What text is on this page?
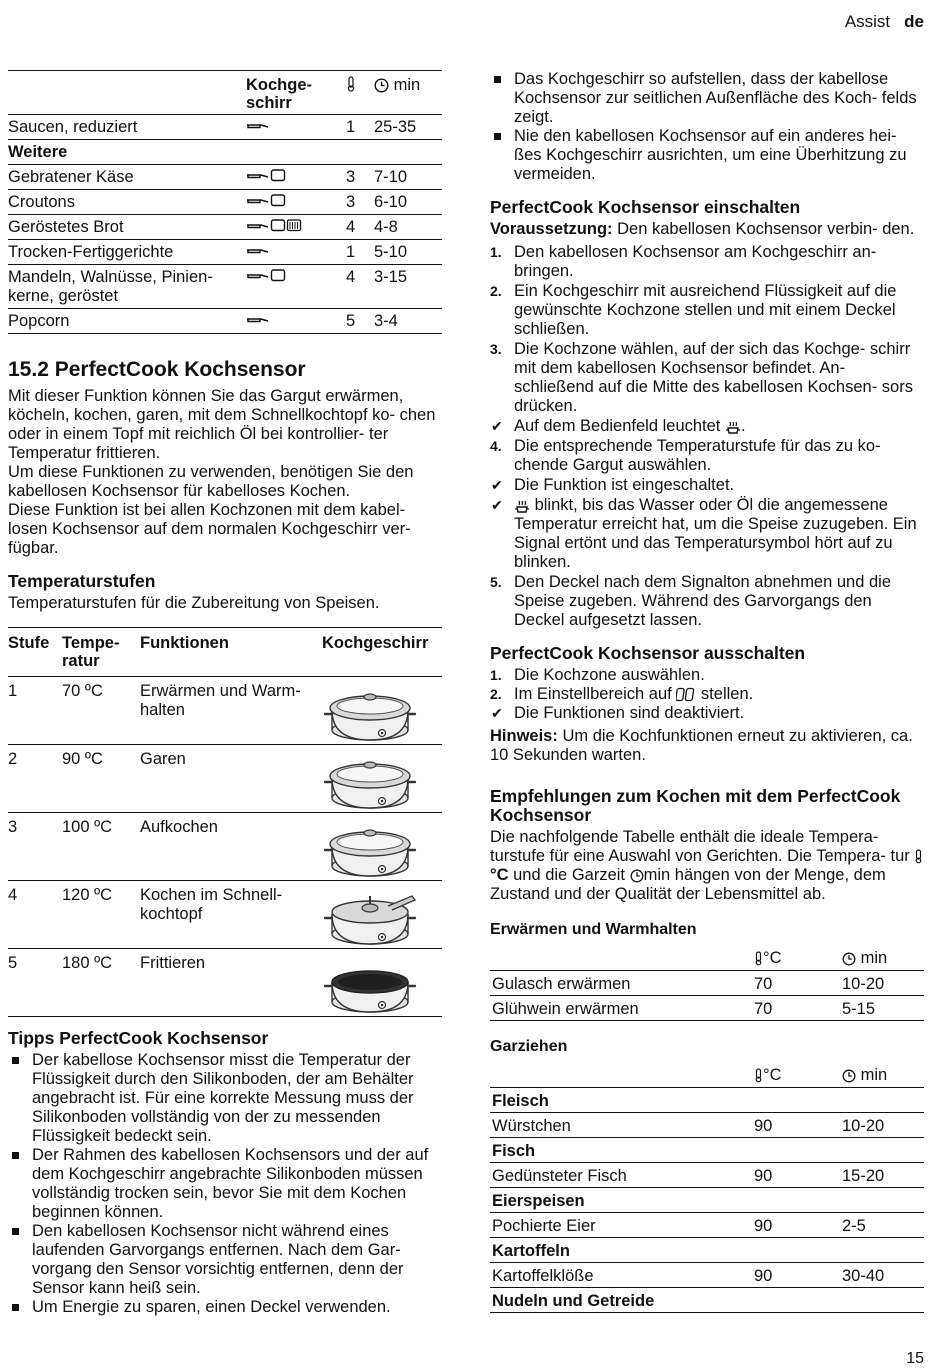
Assist de
	Kochge-
schirr		min
Saucen, reduziert		1	25-35
Weitere			
Gebratener Käse		3	7-10
Croutons		3	6-10
Geröstetes Brot		4	4-8
Trocken-Fertiggerichte		1	5-10
Mandeln, Walnüsse, Pinien-
kerne, geröstet		4	3-15
Popcorn		5	3-4
15.2 PerfectCook Kochsensor

Mit dieser Funktion können Sie das Gargut erwärmen, köcheln, kochen, garen, mit dem Schnellkochtopf ko- chen oder in einem Topf mit reichlich Öl bei kontrollier- ter Temperatur frittieren.

Um diese Funktionen zu verwenden, benötigen Sie den kabellosen Kochsensor für kabelloses Kochen.

Diese Funktion ist bei allen Kochzonen mit dem kabel- losen Kochsensor auf dem normalen Kochgeschirr ver- fügbar.

Temperaturstufen

Temperaturstufen für die Zubereitung von Speisen.

Stufe	Tempe-
ratur	Funktionen	Kochgeschirr
1	70 ºC	Erwärmen und Warm-
halten	

2	90 ºC	Garen	

3	100 ºC	Aufkochen	

4	120 ºC	Kochen im Schnell-
kochtopf	

5	180 ºC	Frittieren	
Tipps PerfectCook Kochsensor
Der kabellose Kochsensor misst die Temperatur der Flüssigkeit durch den Silikonboden, der am Behälter angebracht ist. Für eine korrekte Messung muss der Silikonboden vollständig von der zu messenden Flüssigkeit bedeckt sein.
Der Rahmen des kabellosen Kochsensors und der auf dem Kochgeschirr angebrachte Silikonboden müssen vollständig trocken sein, bevor Sie mit dem Kochen beginnen können.
Den kabellosen Kochsensor nicht während eines laufenden Garvorgangs entfernen. Nach dem Gar- vorgang den Sensor vorsichtig entfernen, denn der Sensor kann heiß sein.
Um Energie zu sparen, einen Deckel verwenden.
Das Kochgeschirr so aufstellen, dass der kabellose Kochsensor zur seitlichen Außenfläche des Koch- felds zeigt.
Nie den kabellosen Kochsensor auf ein anderes hei- ßes Kochgeschirr ausrichten, um eine Überhitzung zu vermeiden.
PerfectCook Kochsensor einschalten

Voraussetzung: Den kabellosen Kochsensor verbin- den.

1. Den kabellosen Kochsensor am Kochgeschirr an- bringen.
2. Ein Kochgeschirr mit ausreichend Flüssigkeit auf die gewünschte Kochzone stellen und mit einem Deckel schließen.
3. Die Kochzone wählen, auf der sich das Kochge- schirr mit dem kabellosen Kochsensor befindet. An- schließend auf die Mitte des kabellosen Kochsen- sors drücken.
✔ Auf dem Bedienfeld leuchtet .
4. Die entsprechende Temperaturstufe für das zu ko- chende Gargut auswählen.
✔ Die Funktion ist eingeschaltet.
✔ blinkt, bis das Wasser oder Öl die angemessene Temperatur erreicht hat, um die Speise zuzugeben. Ein Signal ertönt und das Temperatursymbol hört auf zu blinken.
5. Den Deckel nach dem Signalton abnehmen und die Speise zugeben. Während des Garvorgangs den Deckel aufgesetzt lassen.
PerfectCook Kochsensor ausschalten
1. Die Kochzone auswählen.
2. Im Einstellbereich auf  stellen.
✔ Die Funktionen sind deaktiviert.

Hinweis: Um die Kochfunktionen erneut zu aktivieren, ca. 10 Sekunden warten.

Empfehlungen zum Kochen mit dem PerfectCook Kochsensor

Die nachfolgende Tabelle enthält die ideale Tempera- turstufe für eine Auswahl von Gerichten. Die Tempera- tur °C und die Garzeit min hängen von der Menge, dem Zustand und der Qualität der Lebensmittel ab.

Erwärmen und Warmhalten
	°C	min
Gulasch erwärmen	70	10-20
Glühwein erwärmen	70	5-15
Garziehen
	°C	min
Fleisch		
Würstchen	90	10-20
Fisch		
Gedünsteter Fisch	90	15-20
Eierspeisen		
Pochierte Eier	90	2-5
Kartoffeln		
Kartoffelklöße	90	30-40
Nudeln und Getreide		
15
